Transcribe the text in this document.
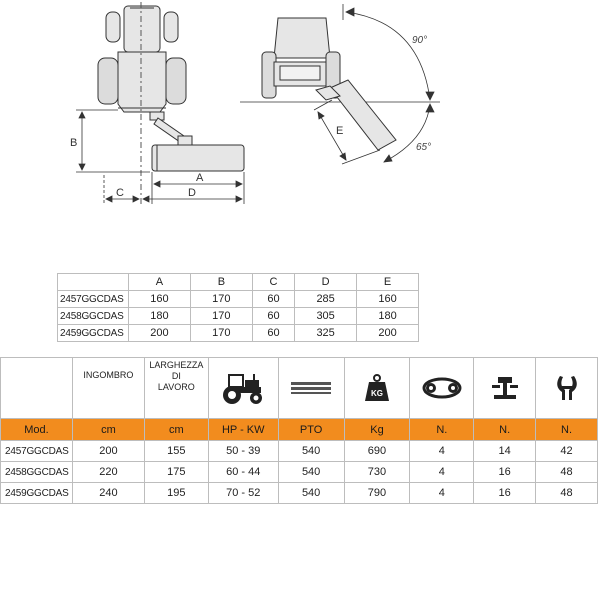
B
C
A
D
E
90°
65°
	A	B	C	D	E
2457GGCDAS	160	170	60	285	160
2458GGCDAS	180	170	60	305	180
2459GGCDAS	200	170	60	325	200
	INGOMBRO	LARGHEZZA
DI
LAVORO			KG

Mod.	cm	cm	HP - KW	PTO	Kg	N.	N.	N.
2457GGCDAS	200	155	50 - 39	540	690	4	14	42
2458GGCDAS	220	175	60 - 44	540	730	4	16	48
2459GGCDAS	240	195	70 - 52	540	790	4	16	48
